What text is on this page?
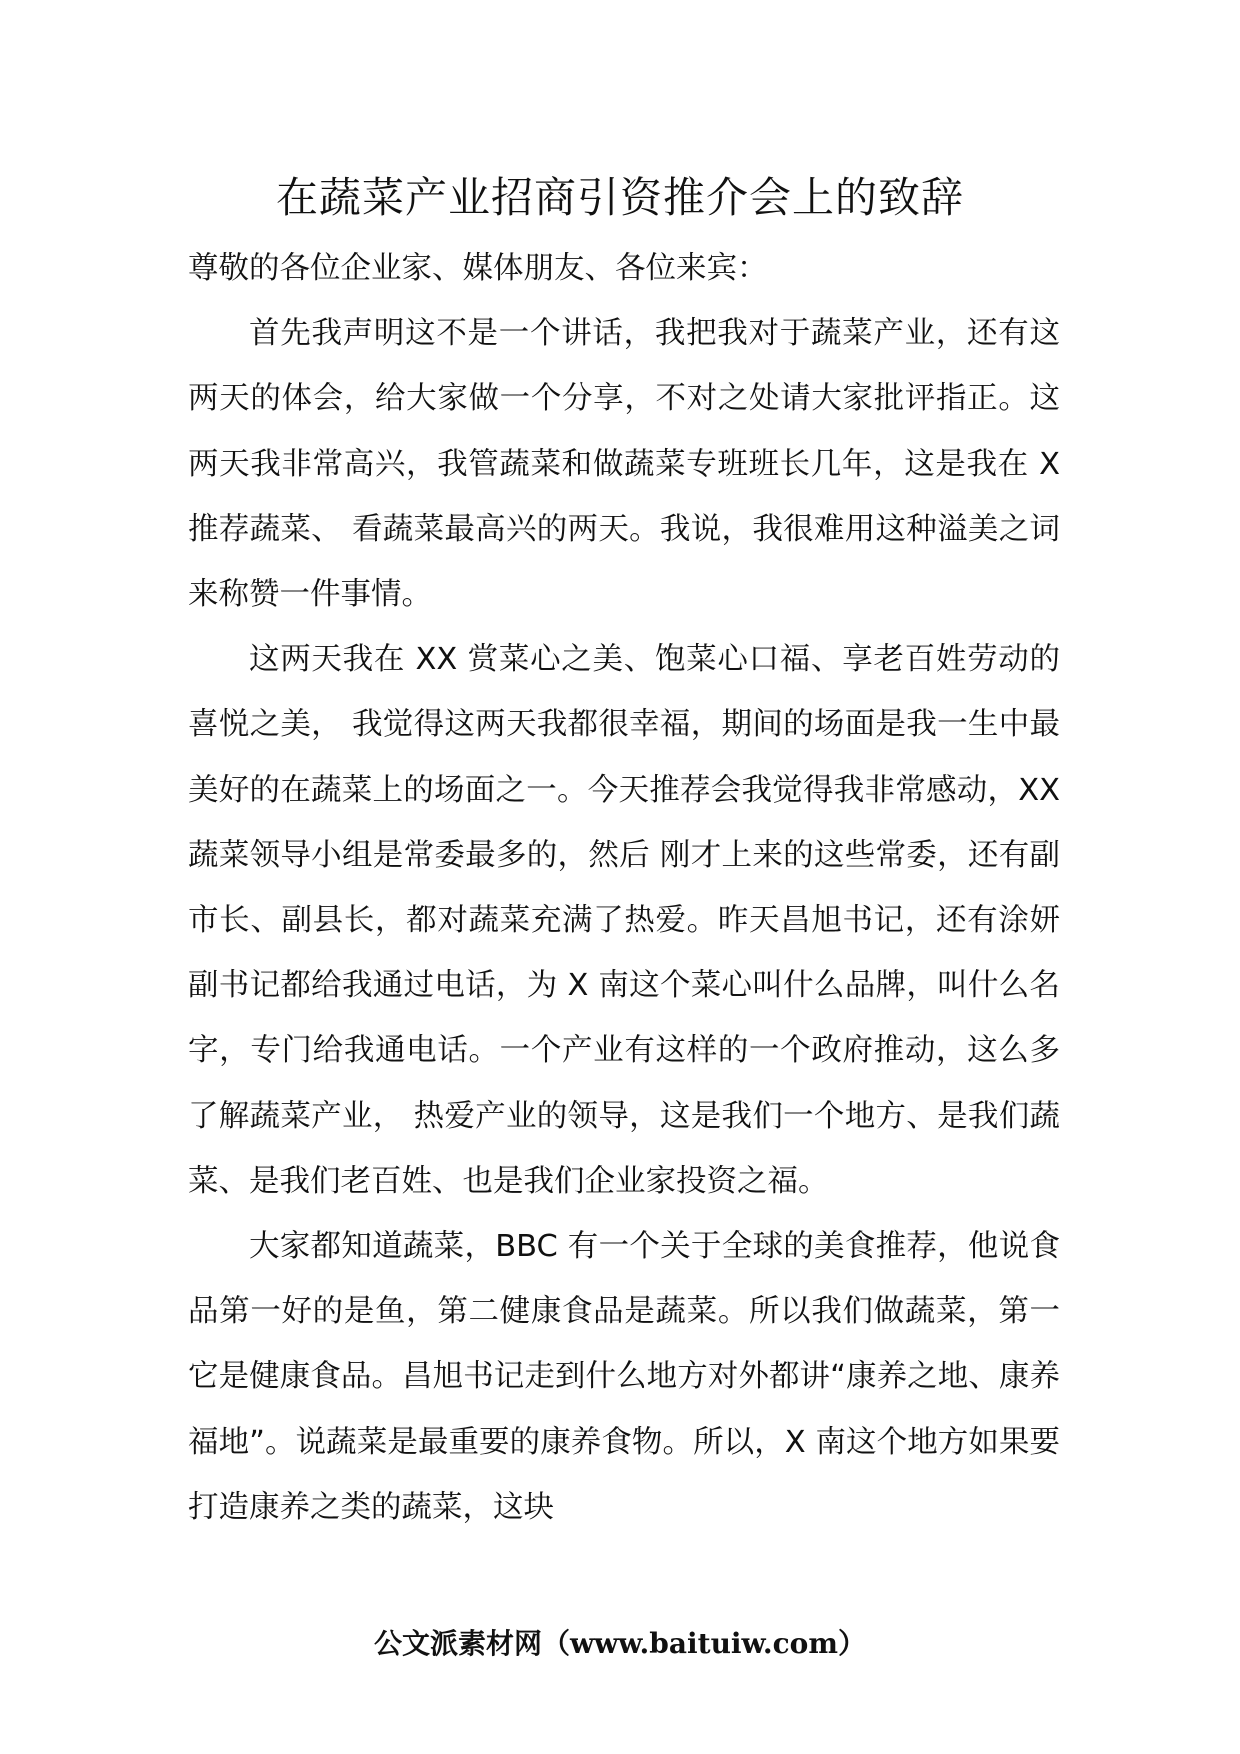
在蔬菜产业招商引资推介会上的致辞

尊敬的各位企业家、媒体朋友、各位来宾：

首先我声明这不是一个讲话，我把我对于蔬菜产业，还有这两天的体会，给大家做一个分享，不对之处请大家批评指正。这两天我非常高兴，我管蔬菜和做蔬菜专班班长几年，这是我在 X 推荐蔬菜、 看蔬菜最高兴的两天。我说，我很难用这种溢美之词来称赞一件事情。

这两天我在 XX 赏菜心之美、饱菜心口福、享老百姓劳动的喜悦之美， 我觉得这两天我都很幸福，期间的场面是我一生中最美好的在蔬菜上的场面之一。今天推荐会我觉得我非常感动，XX 蔬菜领导小组是常委最多的，然后 刚才上来的这些常委，还有副市长、副县长，都对蔬菜充满了热爱。昨天昌旭书记，还有涂妍副书记都给我通过电话，为 X 南这个菜心叫什么品牌，叫什么名字，专门给我通电话。一个产业有这样的一个政府推动，这么多了解蔬菜产业， 热爱产业的领导，这是我们一个地方、是我们蔬菜、是我们老百姓、也是我们企业家投资之福。

大家都知道蔬菜，BBC 有一个关于全球的美食推荐，他说食品第一好的是鱼，第二健康食品是蔬菜。所以我们做蔬菜，第一它是健康食品。昌旭书记走到什么地方对外都讲“康养之地、康养福地”。说蔬菜是最重要的康养食物。所以，X 南这个地方如果要打造康养之类的蔬菜，这块

公文派素材网（www.baituiw.com）
